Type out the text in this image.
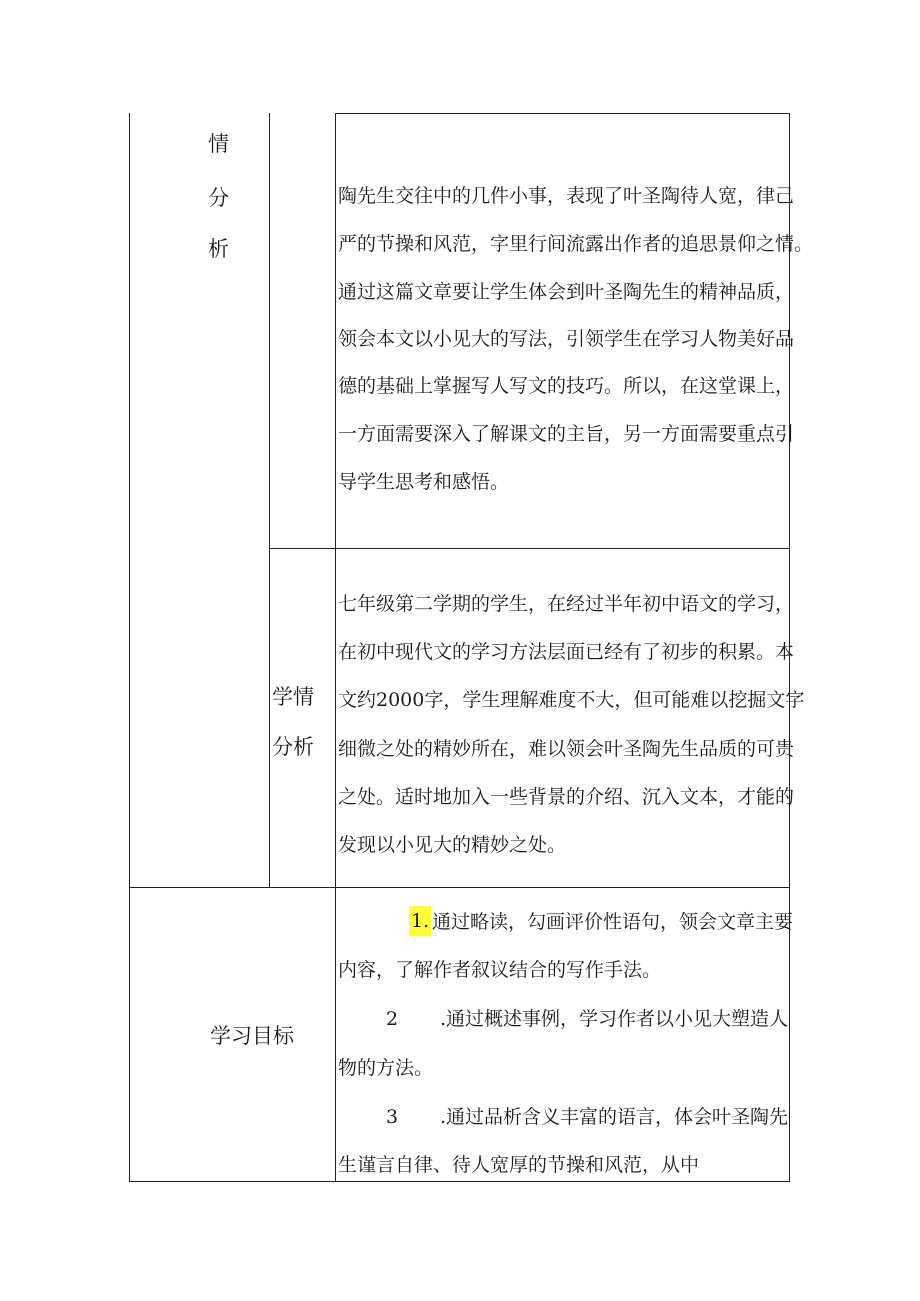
情
分
析
陶先生交往中的几件小事，表现了叶圣陶待人宽，律己
严的节操和风范，字里行间流露出作者的追思景仰之情。
通过这篇文章要让学生体会到叶圣陶先生的精神品质，
领会本文以小见大的写法，引领学生在学习人物美好品
德的基础上掌握写人写文的技巧。所以，在这堂课上，
一方面需要深入了解课文的主旨，另一方面需要重点引
导学生思考和感悟。
学情
分析
七年级第二学期的学生，在经过半年初中语文的学习，
在初中现代文的学习方法层面已经有了初步的积累。本
文约2000字，学生理解难度不大，但可能难以挖掘文字
细微之处的精妙所在，难以领会叶圣陶先生品质的可贵
之处。适时地加入一些背景的介绍、沉入文本，才能的
发现以小见大的精妙之处。
学习目标
1. 通过略读，勾画评价性语句，领会文章主要
内容，了解作者叙议结合的写作手法。
2 .通过概述事例，学习作者以小见大塑造人
物的方法。
3 .通过品析含义丰富的语言，体会叶圣陶先
生谨言自律、待人宽厚的节操和风范，从中
